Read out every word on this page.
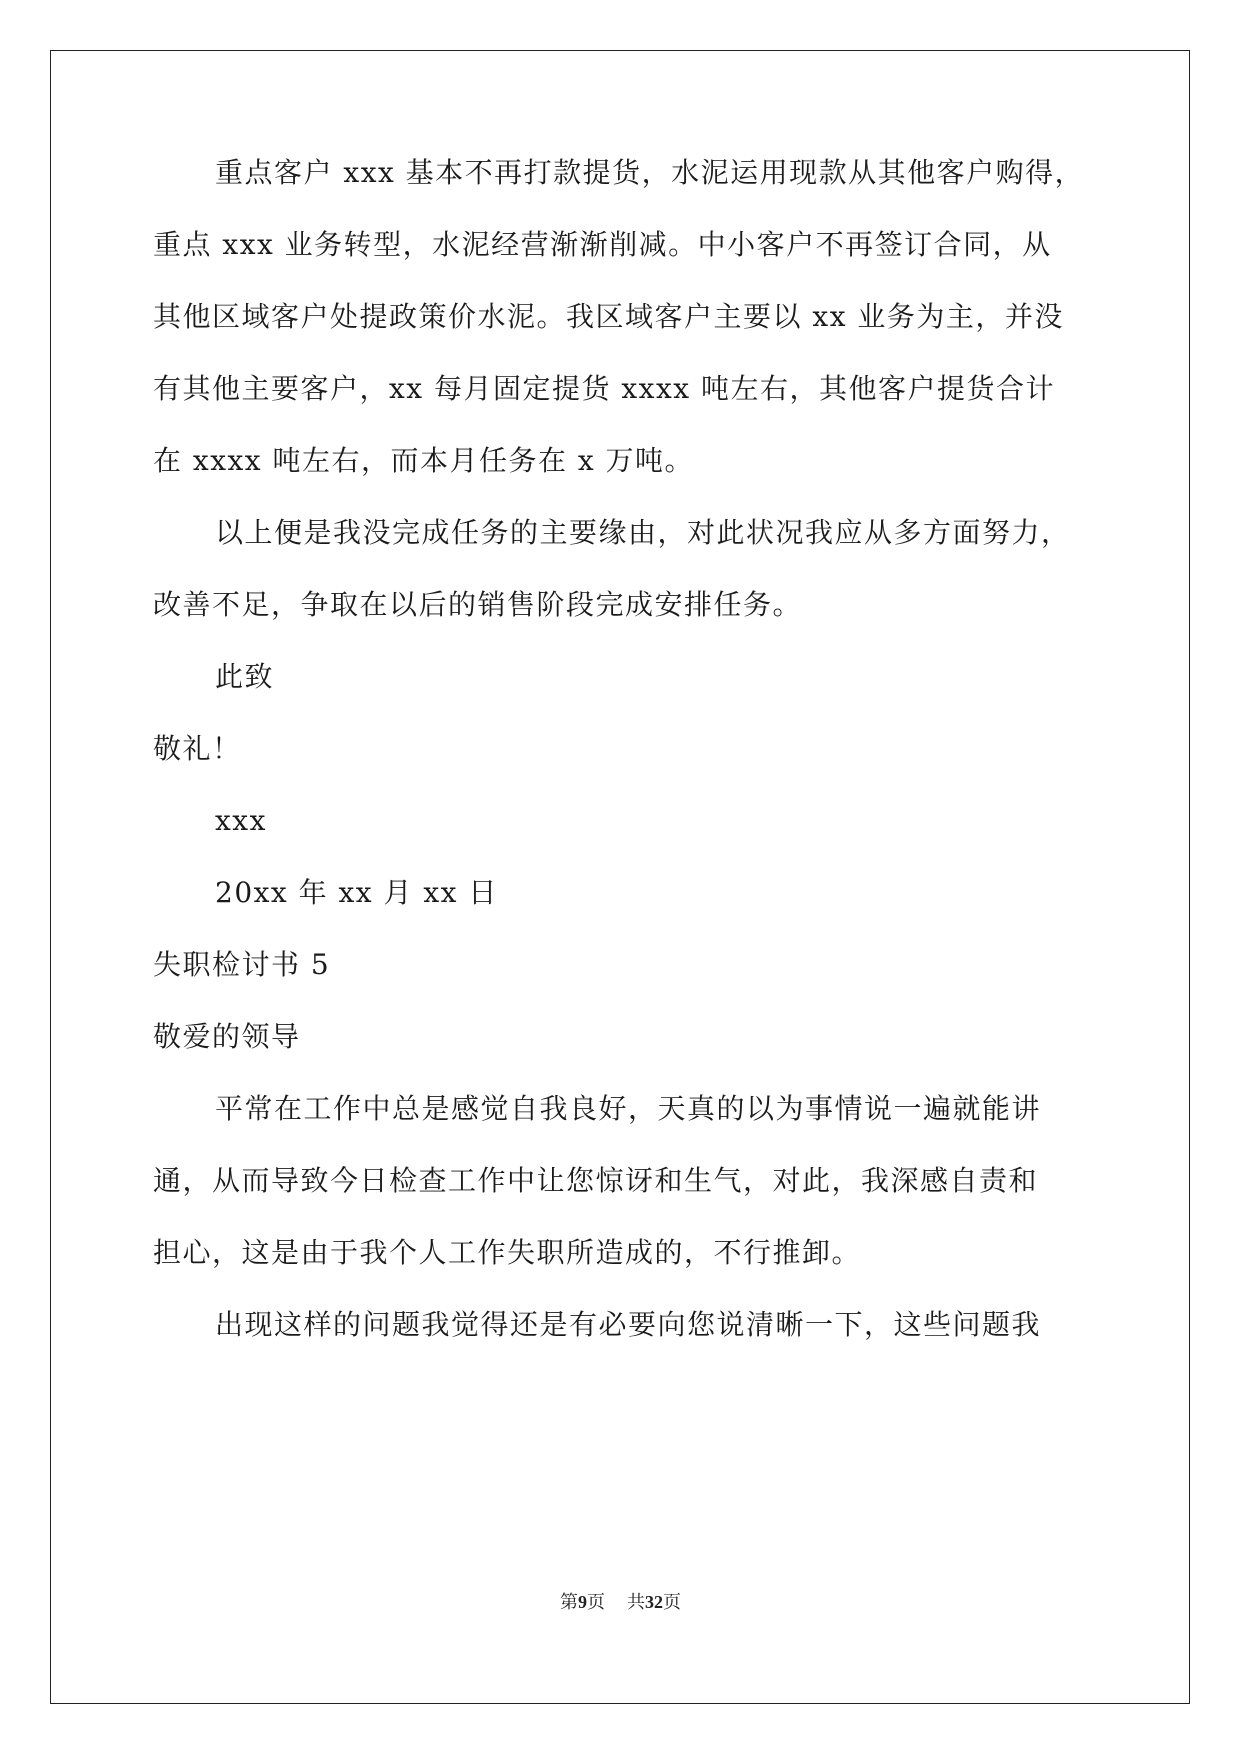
重点客户 xxx 基本不再打款提货，水泥运用现款从其他客户购得，
重点 xxx 业务转型，水泥经营渐渐削减。中小客户不再签订合同，从
其他区域客户处提政策价水泥。我区域客户主要以 xx 业务为主，并没
有其他主要客户，xx 每月固定提货 xxxx 吨左右，其他客户提货合计
在 xxxx 吨左右，而本月任务在 x 万吨。
以上便是我没完成任务的主要缘由，对此状况我应从多方面努力，
改善不足，争取在以后的销售阶段完成安排任务。
此致
敬礼！
xxx
20xx 年 xx 月 xx 日
失职检讨书 5
敬爱的领导
平常在工作中总是感觉自我良好，天真的以为事情说一遍就能讲
通，从而导致今日检查工作中让您惊讶和生气，对此，我深感自责和
担心，这是由于我个人工作失职所造成的，不行推卸。
出现这样的问题我觉得还是有必要向您说清晰一下，这些问题我
第9页 共32页
